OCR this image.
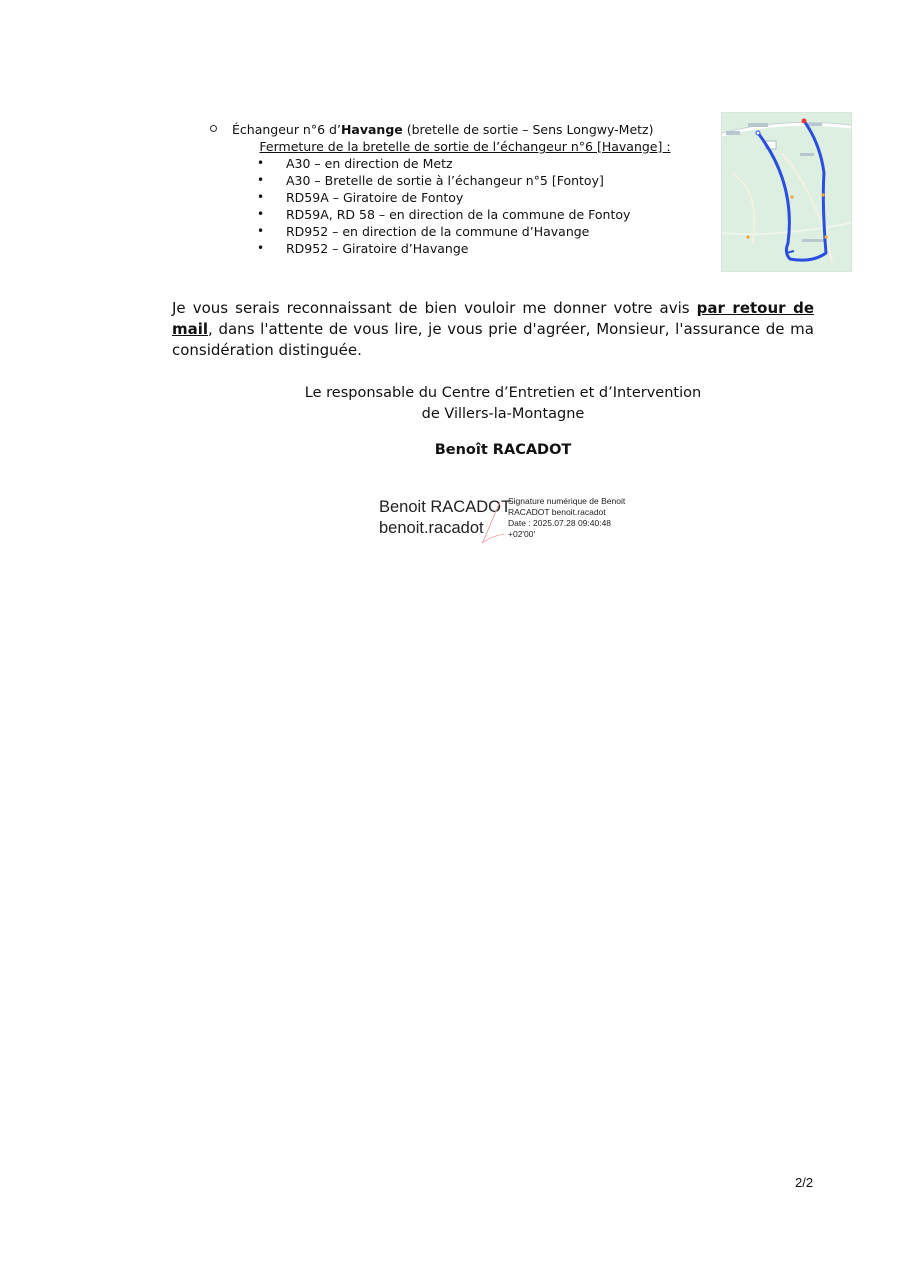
Échangeur n°6 d’Havange (bretelle de sortie – Sens Longwy-Metz)
Fermeture de la bretelle de sortie de l’échangeur n°6 [Havange] :
• A30 – en direction de Metz
• A30 – Bretelle de sortie à l’échangeur n°5 [Fontoy]
• RD59A – Giratoire de Fontoy
• RD59A, RD 58 – en direction de la commune de Fontoy
• RD952 – en direction de la commune d’Havange
• RD952 – Giratoire d’Havange
Je vous serais reconnaissant de bien vouloir me donner votre avis par retour de mail, dans l'attente de vous lire, je vous prie d'agréer, Monsieur, l'assurance de ma considération distinguée.
Le responsable du Centre d’Entretien et d’Intervention
de Villers-la-Montagne
Benoît RACADOT
Benoit RACADOT
benoit.racadot
Signature numérique de Benoit
RACADOT benoit.racadot
Date : 2025.07.28 09:40:48
+02'00'
2/2
